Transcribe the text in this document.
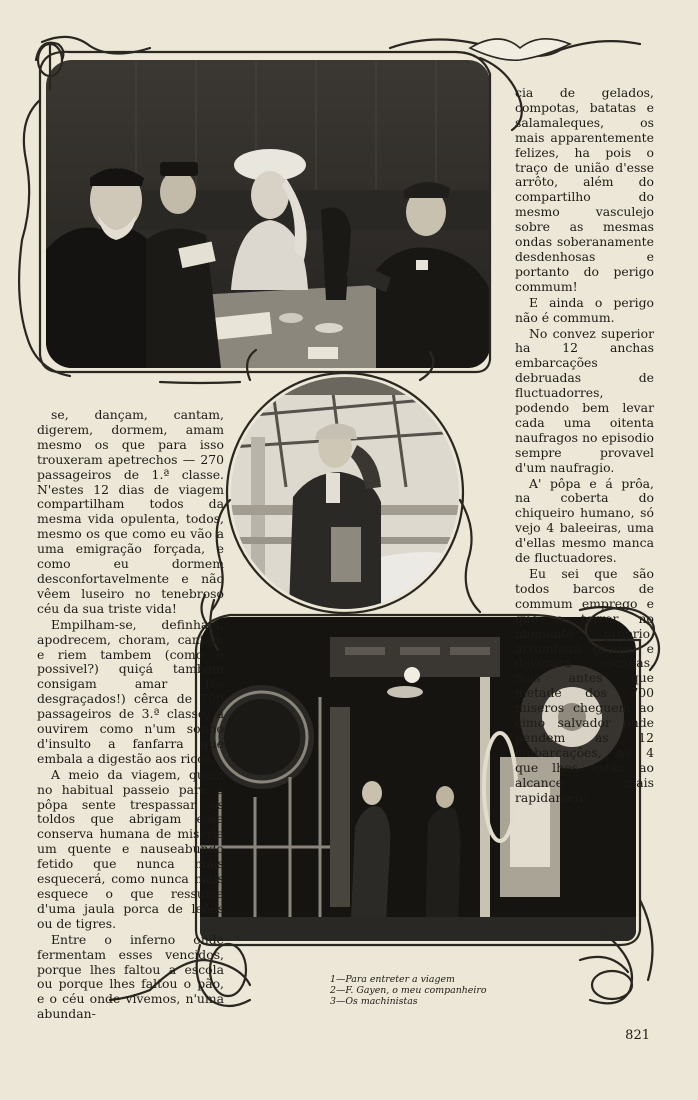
cia de gelados, compotas, batatas e salamaleques, os mais apparentemente felizes, ha pois o traço de união d'esse arrôto, além do compartilho do mesmo vasculejo sobre as mesmas ondas soberanamente desdenhosas e portanto do perigo commum!

E ainda o perigo não é commum.

No convez superior ha 12 anchas embarcações debruadas de fluctuadorres, podendo bem levar cada uma oitenta naufragos no episodio sempre provavel d'um naufragio.

A' pôpa e á prôa, na coberta do chiqueiro humano, só vejo 4 baleeiras, uma d'ellas mesmo manca de fluctuadores.

Eu sei que são todos barcos de commum emprego e que o terror, no momento proprio, arrombará grades e devorará escadas, mas antes que metade dos 700 miseros cheguem ao cimo salvador onde pendem as 12 embarcações, as 4 que lhes estão ao alcance mais rapidamen-

se, dançam, cantam, digerem, dormem, amam mesmo os que para isso trouxeram apetrechos — 270 passageiros de 1.ª classe. N'estes 12 dias de viagem compartilham todos da mesma vida opulenta, todos, mesmo os que como eu vão a uma emigração forçada, e como eu dormem desconfortavelmente e não vêem luseiro no tenebroso céu da sua triste vida!

Empilham-se, definham, apodrecem, choram, cantam e riem tambem (como é possivel?) quiçá tambem consigam amar (os desgraçados!) cêrca de 700 passageiros de 3.ª classe, a ouvirem como n'um sonho d'insulto a fanfarra que embala a digestão aos ricos.

A meio da viagem, quem no habitual passeio pare á pôpa sente trespassar os toldos que abrigam essa conserva humana de miseria um quente e nauseabundo fetido que nunca mais esquecerá, como nunca mais esquece o que ressuma d'uma jaula porca de leões ou de tigres.

Entre o inferno onde fermentam esses vencidos, porque lhes faltou a escola ou porque lhes faltou o pão, e o céu onde vivemos, n'uma abundan-

1—Para entreter a viagem
2—F. Gayen, o meu companheiro
3—Os machinistas
821
